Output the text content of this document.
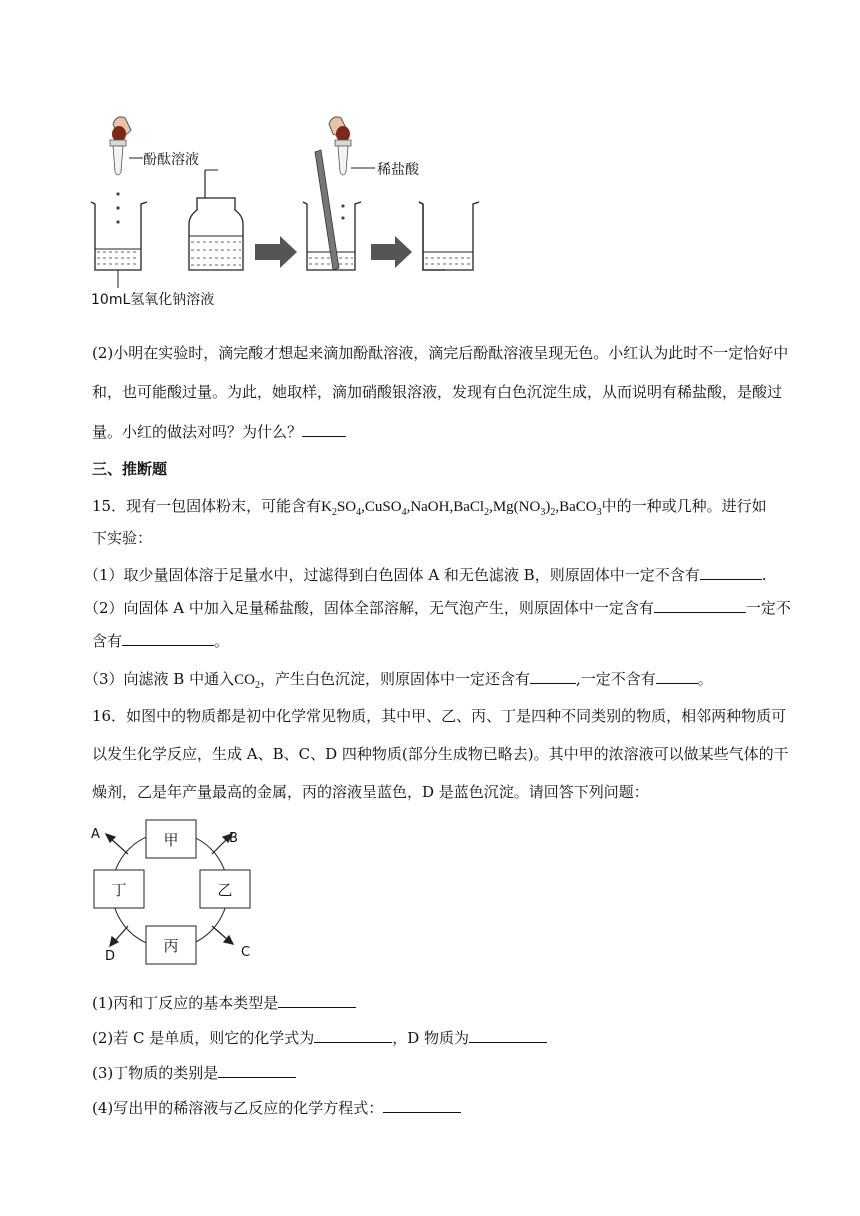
酚酞溶液
10mL氢氧化钠溶液
稀盐酸
(2)小明在实验时，滴完酸才想起来滴加酚酞溶液，滴完后酚酞溶液呈现无色。小红认为此时不一定恰好中
和，也可能酸过量。为此，她取样，滴加硝酸银溶液，发现有白色沉淀生成，从而说明有稀盐酸，是酸过
量。小红的做法对吗？为什么？
三、推断题
15．现有一包固体粉末，可能含有$K_2SO_4,CuSO_4,NaOH,BaCl_2,Mg(NO_3)_2,BaCO_3$中的一种或几种。进行如
下实验：
（1）取少量固体溶于足量水中，过滤得到白色固体 A 和无色滤液 B，则原固体中一定不含有	.
（2）向固体 A 中加入足量稀盐酸，固体全部溶解，无气泡产生，则原固体中一定含有	一定不
含有	。
（3）向滤液 B 中通入$CO_2$，产生白色沉淀，则原固体中一定还含有	,一定不含有	。
16．如图中的物质都是初中化学常见物质，其中甲、乙、丙、丁是四种不同类别的物质，相邻两种物质可
以发生化学反应，生成 A、B、C、D 四种物质(部分生成物已略去)。其中甲的浓溶液可以做某些气体的干
燥剂，乙是年产量最高的金属，丙的溶液呈蓝色，D 是蓝色沉淀。请回答下列问题：
甲
丁	乙
丙
A	B
D	C
(1)丙和丁反应的基本类型是
(2)若 C 是单质，则它的化学式为	，D 物质为
(3)丁物质的类别是
(4)写出甲的稀溶液与乙反应的化学方程式：
